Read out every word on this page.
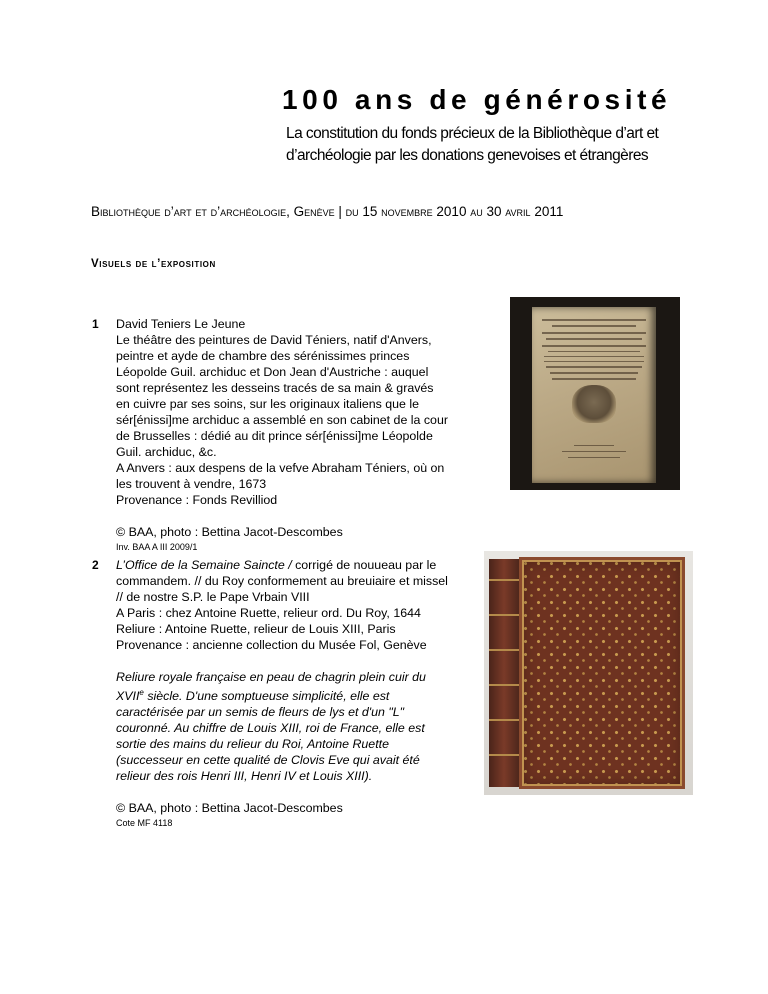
100 ans de générosité

La constitution du fonds précieux de la Bibliothèque d’art et d’archéologie par les donations genevoises et étrangères

Bibliothèque d’art et d’archéologie, Genève | du 15 novembre 2010 au 30 avril 2011
Visuels de l’exposition
1 David Teniers Le Jeune
Le théâtre des peintures de David Téniers, natif d'Anvers,
peintre et ayde de chambre des sérénissimes princes
Léopolde Guil. archiduc et Don Jean d'Austriche : auquel
sont représentez les desseins tracés de sa main & gravés
en cuivre par ses soins, sur les originaux italiens que le
sér[énissi]me archiduc a assemblé en son cabinet de la cour
de Brusselles : dédié au dit prince sér[énissi]me Léopolde
Guil. archiduc, &c.
A Anvers : aux despens de la vefve Abraham Téniers, où on
les trouvent à vendre, 1673
Provenance : Fonds Revilliod

© BAA, photo : Bettina Jacot-Descombes

Inv. BAA A III 2009/1

2 L’Office de la Semaine Saincte / corrigé de nouueau par le
commandem. // du Roy conformement au breuiaire et missel
// de nostre S.P. le Pape Vrbain VIII
A Paris : chez Antoine Ruette, relieur ord. Du Roy, 1644
Reliure : Antoine Ruette, relieur de Louis XIII, Paris
Provenance : ancienne collection du Musée Fol, Genève

Reliure royale française en peau de chagrin plein cuir du
XVIIe siècle. D'une somptueuse simplicité, elle est
caractérisée par un semis de fleurs de lys et d'un "L"
couronné. Au chiffre de Louis XIII, roi de France, elle est
sortie des mains du relieur du Roi, Antoine Ruette
(successeur en cette qualité de Clovis Eve qui avait été
relieur des rois Henri III, Henri IV et Louis XIII).

© BAA, photo : Bettina Jacot-Descombes

Cote MF 4118
